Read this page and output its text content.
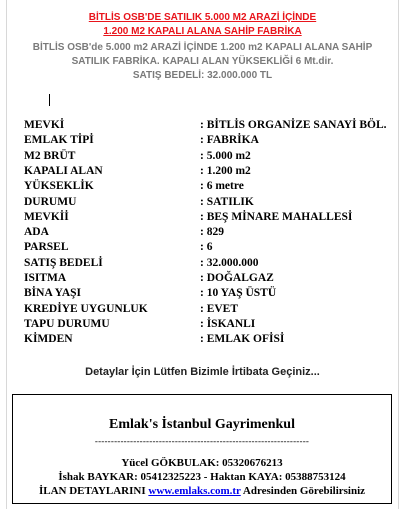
BİTLİS OSB'DE SATILIK 5.000 M2 ARAZİ İÇİNDE
1.200 M2 KAPALI ALANA SAHİP FABRİKA
BİTLİS OSB'de 5.000 m2 ARAZİ İÇİNDE 1.200 m2 KAPALI ALANA SAHİP
SATILIK FABRİKA. KAPALI ALAN YÜKSEKLİĞİ 6 Mt.dir.
SATIŞ BEDELİ: 32.000.000 TL
MEVKİ	: BİTLİS ORGANİZE SANAYİ BÖL.
EMLAK TİPİ	: FABRİKA
M2 BRÜT	: 5.000 m2
KAPALI ALAN	: 1.200 m2
YÜKSEKLİK	: 6 metre
DURUMU	: SATILIK
MEVKİİ	: BEŞ MİNARE MAHALLESİ
ADA	: 829
PARSEL	: 6
SATIŞ BEDELİ	: 32.000.000
ISITMA	: DOĞALGAZ
BİNA YAŞI	: 10 YAŞ ÜSTÜ
KREDİYE UYGUNLUK	: EVET
TAPU DURUMU	: İSKANLI
KİMDEN	: EMLAK OFİSİ
Detaylar İçin Lütfen Bizimle İrtibata Geçiniz...
Emlak's İstanbul Gayrimenkul
-------------------------------------------------------------------
Yücel GÖKBULAK: 05320676213
İshak BAYKAR: 05412325223 - Haktan KAYA: 05388753124
İLAN DETAYLARINI www.emlaks.com.tr Adresinden Görebilirsiniz
